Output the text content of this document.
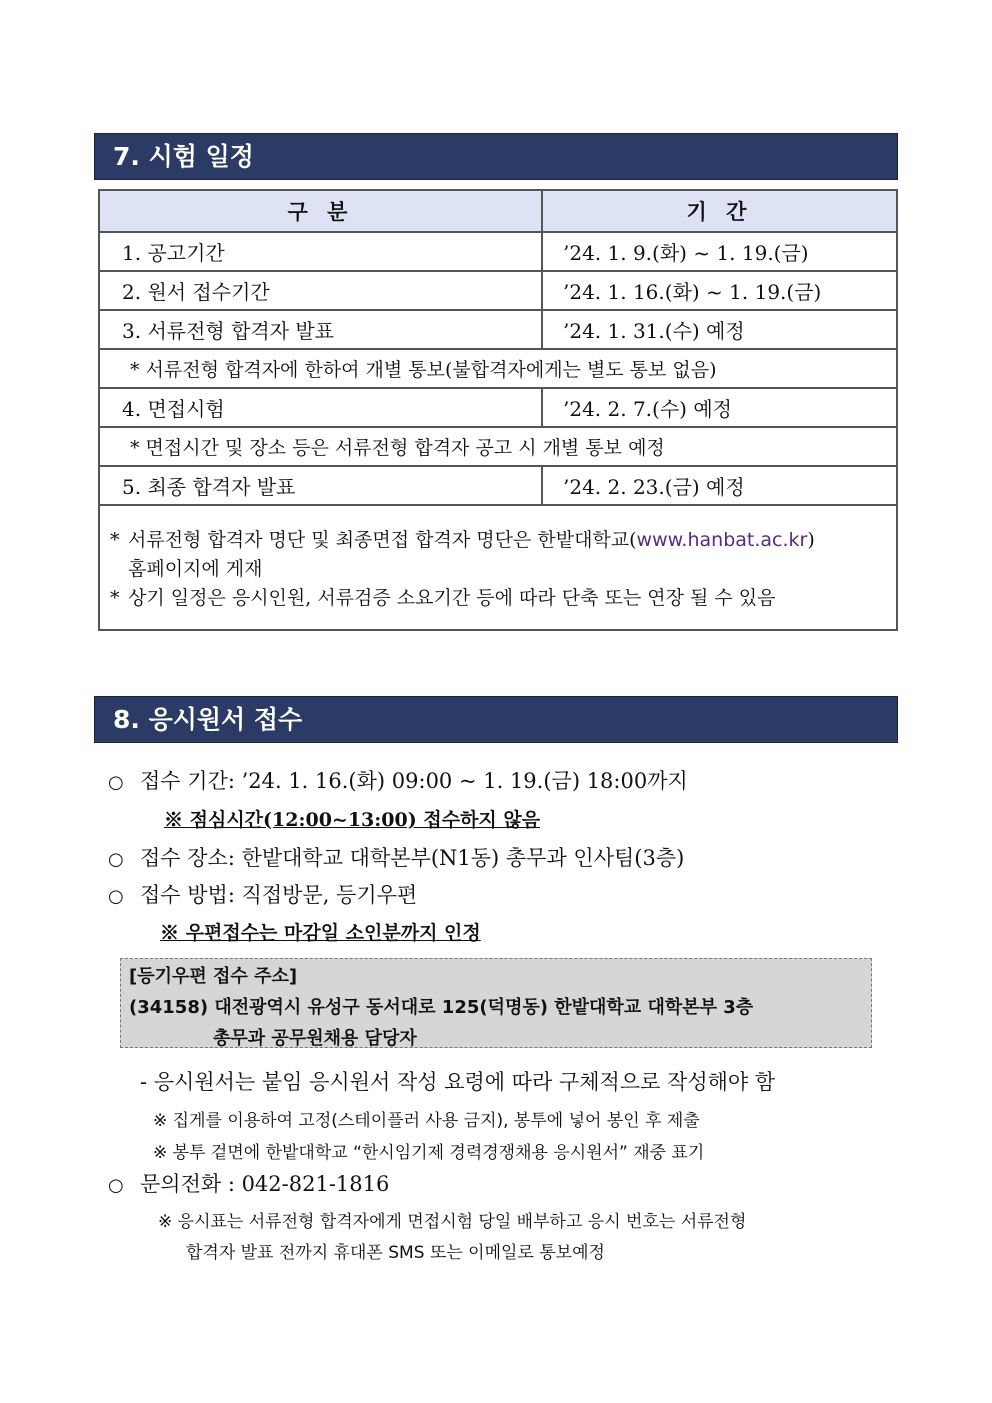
7. 시험 일정
구 분	기 간
1. 공고기간	’24. 1. 9.(화) ~ 1. 19.(금)
2. 원서 접수기간	’24. 1. 16.(화) ~ 1. 19.(금)
3. 서류전형 합격자 발표	’24. 1. 31.(수) 예정
* 서류전형 합격자에 한하여 개별 통보(불합격자에게는 별도 통보 없음)	
4. 면접시험	’24. 2. 7.(수) 예정
* 면접시간 및 장소 등은 서류전형 합격자 공고 시 개별 통보 예정	
5. 최종 합격자 발표	’24. 2. 23.(금) 예정

* 서류전형 합격자 명단 및 최종면접 합격자 명단은 한밭대학교(www.hanbat.ac.kr)
홈페이지에 게재
* 상기 일정은 응시인원, 서류검증 소요기간 등에 따라 단축 또는 연장 될 수 있음	
8. 응시원서 접수
○ 접수 기간: ’24. 1. 16.(화) 09:00 ~ 1. 19.(금) 18:00까지
※ 점심시간(12:00~13:00) 접수하지 않음
○ 접수 장소: 한밭대학교 대학본부(N1동) 총무과 인사팀(3층)
○ 접수 방법: 직접방문, 등기우편
※ 우편접수는 마감일 소인분까지 인정
[등기우편 접수 주소]
(34158) 대전광역시 유성구 동서대로 125(덕명동) 한밭대학교 대학본부 3층
총무과 공무원채용 담당자
- 응시원서는 붙임 응시원서 작성 요령에 따라 구체적으로 작성해야 함
※ 집게를 이용하여 고정(스테이플러 사용 금지), 봉투에 넣어 봉인 후 제출
※ 봉투 겉면에 한밭대학교 “한시임기제 경력경쟁채용 응시원서” 재중 표기
○ 문의전화 : 042-821-1816
※ 응시표는 서류전형 합격자에게 면접시험 당일 배부하고 응시 번호는 서류전형
합격자 발표 전까지 휴대폰 SMS 또는 이메일로 통보예정
